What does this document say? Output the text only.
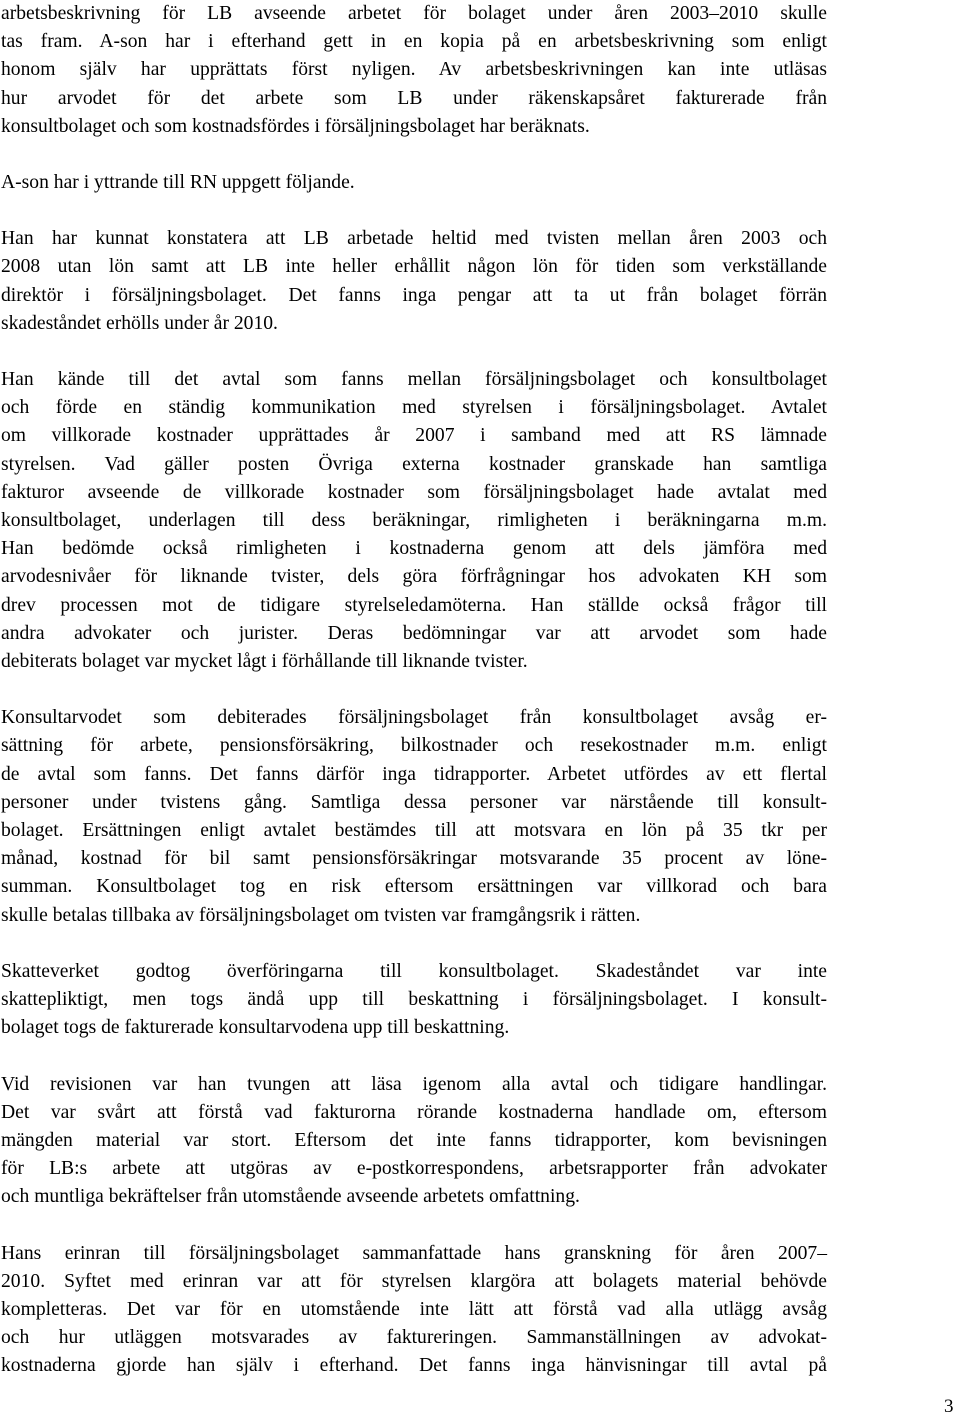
arbetsbeskrivning för LB avseende arbetet för bolaget under åren 2003–2010 skulle
tas fram. A-son har i efterhand gett in en kopia på en arbetsbeskrivning som enligt
honom själv har upprättats först nyligen. Av arbetsbeskrivningen kan inte utläsas
hur arvodet för det arbete som LB under räkenskapsåret fakturerade från
konsultbolaget och som kostnadsfördes i försäljningsbolaget har beräknats.

A-son har i yttrande till RN uppgett följande.

Han har kunnat konstatera att LB arbetade heltid med tvisten mellan åren 2003 och
2008 utan lön samt att LB inte heller erhållit någon lön för tiden som verkställande
direktör i försäljningsbolaget. Det fanns inga pengar att ta ut från bolaget förrän
skadeståndet erhölls under år 2010.

Han kände till det avtal som fanns mellan försäljningsbolaget och konsultbolaget
och förde en ständig kommunikation med styrelsen i försäljningsbolaget. Avtalet
om villkorade kostnader upprättades år 2007 i samband med att RS lämnade
styrelsen. Vad gäller posten Övriga externa kostnader granskade han samtliga
fakturor avseende de villkorade kostnader som försäljningsbolaget hade avtalat med
konsultbolaget, underlagen till dess beräkningar, rimligheten i beräkningarna m.m.
Han bedömde också rimligheten i kostnaderna genom att dels jämföra med
arvodesnivåer för liknande tvister, dels göra förfrågningar hos advokaten KH som
drev processen mot de tidigare styrelseledamöterna. Han ställde också frågor till
andra advokater och jurister. Deras bedömningar var att arvodet som hade
debiterats bolaget var mycket lågt i förhållande till liknande tvister.

Konsultarvodet som debiterades försäljningsbolaget från konsultbolaget avsåg er-
sättning för arbete, pensionsförsäkring, bilkostnader och resekostnader m.m. enligt
de avtal som fanns. Det fanns därför inga tidrapporter. Arbetet utfördes av ett flertal
personer under tvistens gång. Samtliga dessa personer var närstående till konsult-
bolaget. Ersättningen enligt avtalet bestämdes till att motsvara en lön på 35 tkr per
månad, kostnad för bil samt pensionsförsäkringar motsvarande 35 procent av löne-
summan. Konsultbolaget tog en risk eftersom ersättningen var villkorad och bara
skulle betalas tillbaka av försäljningsbolaget om tvisten var framgångsrik i rätten.

Skatteverket godtog överföringarna till konsultbolaget. Skadeståndet var inte
skattepliktigt, men togs ändå upp till beskattning i försäljningsbolaget. I konsult-
bolaget togs de fakturerade konsultarvodena upp till beskattning.

Vid revisionen var han tvungen att läsa igenom alla avtal och tidigare handlingar.
Det var svårt att förstå vad fakturorna rörande kostnaderna handlade om, eftersom
mängden material var stort. Eftersom det inte fanns tidrapporter, kom bevisningen
för LB:s arbete att utgöras av e-postkorrespondens, arbetsrapporter från advokater
och muntliga bekräftelser från utomstående avseende arbetets omfattning.

Hans erinran till försäljningsbolaget sammanfattade hans granskning för åren 2007–
2010. Syftet med erinran var att för styrelsen klargöra att bolagets material behövde
kompletteras. Det var för en utomstående inte lätt att förstå vad alla utlägg avsåg
och hur utläggen motsvarades av faktureringen. Sammanställningen av advokat-
kostnaderna gjorde han själv i efterhand. Det fanns inga hänvisningar till avtal på

3
